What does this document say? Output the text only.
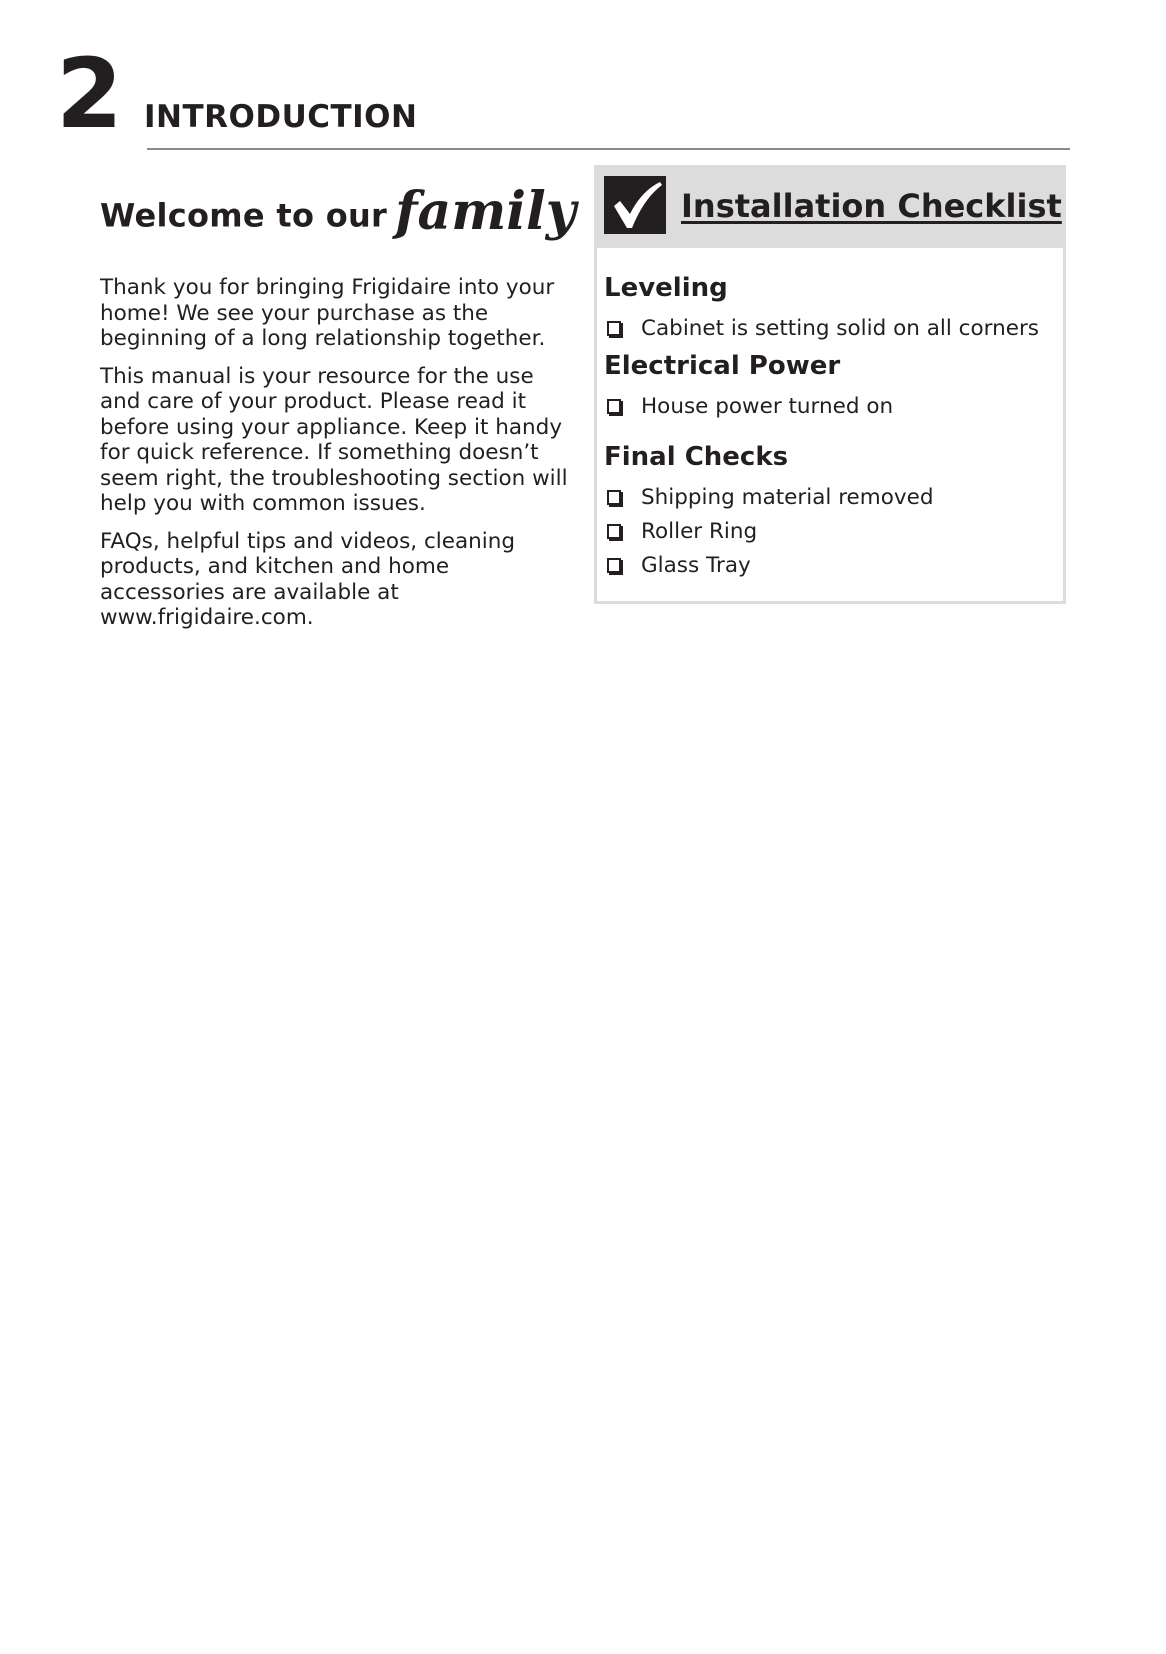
2 INTRODUCTION
Welcome to our family

Thank you for bringing Frigidaire into your home! We see your purchase as the beginning of a long relationship together.

This manual is your resource for the use and care of your product. Please read it before using your appliance. Keep it handy for quick reference. If something doesn’t seem right, the troubleshooting section will help you with common issues.

FAQs, helpful tips and videos, cleaning products, and kitchen and home accessories are available at www.frigidaire.com.

Installation Checklist
Leveling
Cabinet is setting solid on all corners
Electrical Power
House power turned on
Final Checks
Shipping material removed
Roller Ring
Glass Tray
